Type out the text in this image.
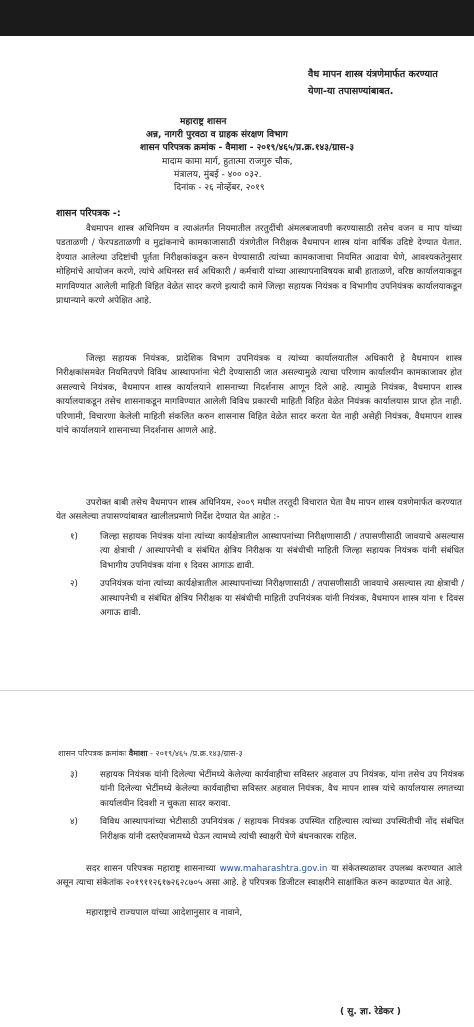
वैध मापन शास्त्र यंत्रणेमार्फत करण्यात
येणा-या तपासण्यांबाबत.
महाराष्ट्र शासन
अन्न, नागरी पुरवठा व ग्राहक संरक्षण विभाग
शासन परिपत्रक क्रमांक - वैमाशा - २०१९/४६५/प्र.क्र.१४३/ग्रास-३
मादाम कामा मार्ग, हुतात्मा राजगुरु चौक,
मंत्रालय, मुंबई - ४०० ०३२.
दिनांक - २६ नोव्हेंबर, २०१९
शासन परिपत्रक -:

वैधमापन शास्त्र अधिनियम व त्याअंतर्गत नियमातील तरतुदींची अंमलबजावणी करण्यासाठी तसेच वजन व माप यांच्या पडताळणी / फेरपडताळणी व मुद्रांकनाचे कामकाजासाठी यंत्रणेतील निरीक्षक वैधमापन शास्त्र यांना वार्षिक उदिष्टे देण्यात येतात. देण्यात आलेल्या उदिष्टांची पूर्तता निरीक्षकांकडून करुन घेण्यासाठी त्यांच्या कामकाजाचा नियमित आढावा घेणे, आवश्यकतेनुसार मोहिमांचे आयोजन करणे, त्यांचे अधिनस्त सर्व अधिकारी / कर्मचारी यांच्या आस्थापनाविषयक बाबी हाताळणे, वरिष्ठ कार्यालयाकडून मागविण्यात आलेली माहिती विहित वेळेत सादर करणे इत्यादी कामे जिल्हा सहायक नियंत्रक व विभागीय उपनियंत्रक कार्यालयाकडून प्राधान्याने करणे अपेक्षित आहे.

जिल्हा सहायक नियंत्रक, प्रादेशिक विभाग उपनियंत्रक व त्यांच्या कार्यालयातील अधिकारी हे वैधमापन शास्त्र निरीक्षकांसमवेत नियमितपणे विविध आस्थापनांना भेटी देण्यासाठी जात असल्यामुळे त्याचा परिणाम कार्यालयीन कामकाजावर होत असल्याचे नियंत्रक, वैधमापन शास्त्र कार्यालयाने शासनाच्या निदर्शनास आणून दिले आहे. त्यामुळे नियंत्रक, वैधमापन शास्त्र कार्यालयाकडून तसेच शासनाकडून मागविण्यात आलेली विविध प्रकारची माहिती विहित वेळेत नियंत्रक कार्यालयास प्राप्त होत नाही. परिणामी, विचारणा केलेली माहिती संकलित करुन शासनास विहित वेळेत सादर करता येत नाही असेही नियंत्रक, वैधमापन शास्त्र यांचे कार्यालयाने शासनाच्या निदर्शनास आणले आहे.

उपरोक्त बाबी तसेच वैधमापन शास्त्र अधिनियम, २००९ मधील तरतूदी विचारात घेता वैध मापन शास्त्र यत्रणेमार्फत करण्यात येत असलेल्या तपासण्यांबाबत खालीलप्रमाणे निर्देश देण्यात येत आहेत :-

१)	जिल्हा सहायक नियंत्रक यांना त्यांच्या कार्यक्षेत्रातील आस्थापनांच्या निरीक्षणासाठी / तपासणीसाठी जावयाचे असल्यास त्या क्षेत्राची / आस्थापनेची व संबंधित क्षेत्रिय निरीक्षक या संबंधीची माहिती जिल्हा सहायक नियंत्रक यांनी संबंधित विभागीय उपनियंत्रक यांना १ दिवस आगाऊ द्यावी.
२)	उपनियंत्रक यांना त्यांच्या कार्यक्षेत्रातील आस्थापनांच्या निरीक्षणासाठी / तपासणीसाठी जावयाचे असल्यास त्या क्षेत्राची / आस्थापनेची व संबंधित क्षेत्रिय निरीक्षक या संबंधीची माहिती उपनियंत्रक यांनी नियंत्रक, वैधमापन शास्त्र यांना १ दिवस अगाऊ द्यावी.
शासन परिपत्रक क्रमांकः वैमाशा - २०१९/४६५ /प्र.क्र.१४३/ग्रास-३
३)	सहायक नियंत्रक यांनी दिलेल्या भेटींमध्ये केलेल्या कार्यवाहीचा सविस्तर अहवाल उप नियंत्रक, यांना तसेच उप नियंत्रक यांनी दिलेल्या भेटींमध्ये केलेल्या कार्यवाहीचा सविस्तर अहवाल नियंत्रक, वैध मापन शास्त्र यांचे कार्यालयास लगतच्या कार्यालयीन दिवशी न चुकता सादर करावा.
४)	विविध आस्थापनांच्या भेटीसाठी उपनियंत्रक / सहायक नियंत्रक उपस्थित राहिल्यास त्यांच्या उपस्थितीची नोंद संबंधित निरीक्षक यांनी दस्तऐवजामध्ये घेऊन त्यामध्ये त्यांची स्वाक्षरी घेणे बंधनकारक राहिल.

सदर शासन परिपत्रक महाराष्ट्र शासनाच्या www.maharashtra.gov.in या संकेतस्थळावर उपलब्ध करण्यात आले असून त्याचा संकेतांक २०१९११२६१७२६२८७०५ असा आहे. हे परिपत्रक डिजीटल स्वाक्षरीने साक्षांकित करुन काढण्यात येत आहे.

महाराष्ट्राचे राज्यपाल यांच्या आदेशानुसार व नावाने,

( सु. ज्ञा. रेडेकर )
